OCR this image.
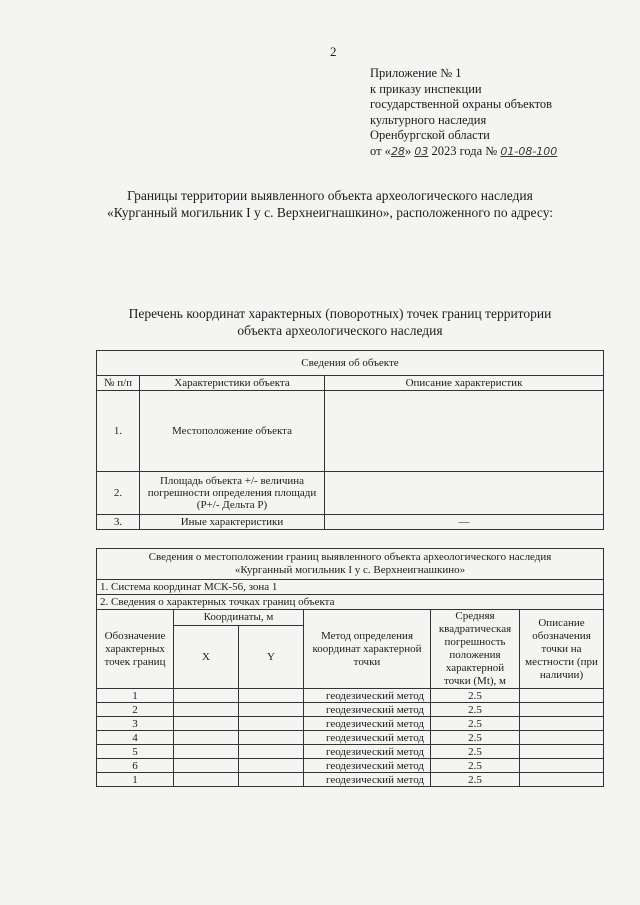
2
Приложение № 1
к приказу инспекции
государственной охраны объектов
культурного наследия
Оренбургской области
от «28» 03 2023 года № 01-08-100
Границы территории выявленного объекта археологического наследия
«Курганный могильник I у с. Верхнеигнашкино», расположенного по адресу:
Перечень координат характерных (поворотных) точек границ территории
объекта археологического наследия
Сведения об объекте		
№ п/п	Характеристики объекта	Описание характеристик
1.	Местоположение объекта	
2.	Площадь объекта +/- величина погрешности определения площади (P+/- Дельта P)	
3.	Иные характеристики	—
Сведения о местоположении границ выявленного объекта археологического наследия
«Курганный могильник I у с. Верхнеигнашкино»					

1. Система координат МСК-56, зона 1					
2. Сведения о характерных точках границ объекта					
Обозначение характерных точек границ	Координаты, м		Метод определения координат характерной точки	Средняя квадратическая погрешность положения характерной точки (Mt), м	Описание обозначения точки на местности (при наличии)
	X	Y			
1			геодезический метод	2.5	
2			геодезический метод	2.5	
3			геодезический метод	2.5	
4			геодезический метод	2.5	
5			геодезический метод	2.5	
6			геодезический метод	2.5	
1			геодезический метод	2.5	
